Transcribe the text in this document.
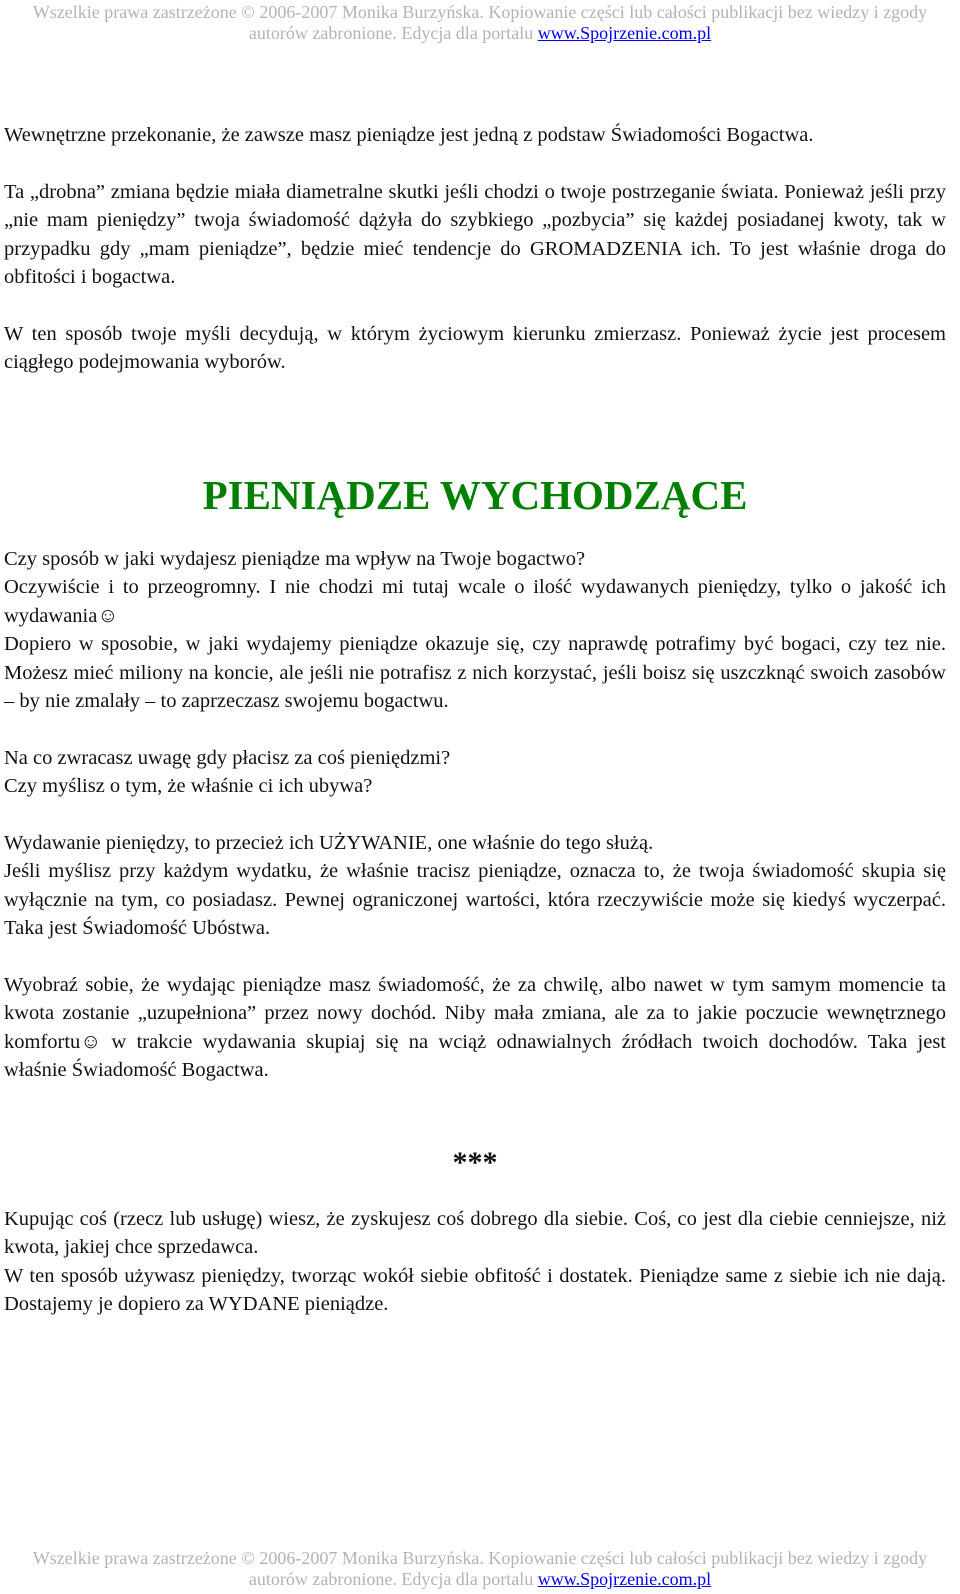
Wszelkie prawa zastrzeżone © 2006-2007 Monika Burzyńska. Kopiowanie części lub całości publikacji bez wiedzy i zgody
autorów zabronione. Edycja dla portalu www.Spojrzenie.com.pl

Wewnętrzne przekonanie, że zawsze masz pieniądze jest jedną z podstaw Świadomości Bogactwa.

Ta „drobna” zmiana będzie miała diametralne skutki jeśli chodzi o twoje postrzeganie świata. Ponieważ jeśli przy „nie mam pieniędzy” twoja świadomość dążyła do szybkiego „pozbycia” się każdej posiadanej kwoty, tak w przypadku gdy „mam pieniądze”, będzie mieć tendencje do GROMADZENIA ich. To jest właśnie droga do obfitości i bogactwa.

W ten sposób twoje myśli decydują, w którym życiowym kierunku zmierzasz. Ponieważ życie jest procesem ciągłego podejmowania wyborów.

PIENIĄDZE WYCHODZĄCE

Czy sposób w jaki wydajesz pieniądze ma wpływ na Twoje bogactwo?

Oczywiście i to przeogromny. I nie chodzi mi tutaj wcale o ilość wydawanych pieniędzy, tylko o jakość ich wydawania☺

Dopiero w sposobie, w jaki wydajemy pieniądze okazuje się, czy naprawdę potrafimy być bogaci, czy tez nie. Możesz mieć miliony na koncie, ale jeśli nie potrafisz z nich korzystać, jeśli boisz się uszczknąć swoich zasobów – by nie zmalały – to zaprzeczasz swojemu bogactwu.

Na co zwracasz uwagę gdy płacisz za coś pieniędzmi?

Czy myślisz o tym, że właśnie ci ich ubywa?

Wydawanie pieniędzy, to przecież ich UŻYWANIE, one właśnie do tego służą.

Jeśli myślisz przy każdym wydatku, że właśnie tracisz pieniądze, oznacza to, że twoja świadomość skupia się wyłącznie na tym, co posiadasz. Pewnej ograniczonej wartości, która rzeczywiście może się kiedyś wyczerpać. Taka jest Świadomość Ubóstwa.

Wyobraź sobie, że wydając pieniądze masz świadomość, że za chwilę, albo nawet w tym samym momencie ta kwota zostanie „uzupełniona” przez nowy dochód. Niby mała zmiana, ale za to jakie poczucie wewnętrznego komfortu☺ w trakcie wydawania skupiaj się na wciąż odnawialnych źródłach twoich dochodów. Taka jest właśnie Świadomość Bogactwa.

***

Kupując coś (rzecz lub usługę) wiesz, że zyskujesz coś dobrego dla siebie. Coś, co jest dla ciebie cenniejsze, niż kwota, jakiej chce sprzedawca.

W ten sposób używasz pieniędzy, tworząc wokół siebie obfitość i dostatek. Pieniądze same z siebie ich nie dają. Dostajemy je dopiero za WYDANE pieniądze.

Wszelkie prawa zastrzeżone © 2006-2007 Monika Burzyńska. Kopiowanie części lub całości publikacji bez wiedzy i zgody
autorów zabronione. Edycja dla portalu www.Spojrzenie.com.pl
